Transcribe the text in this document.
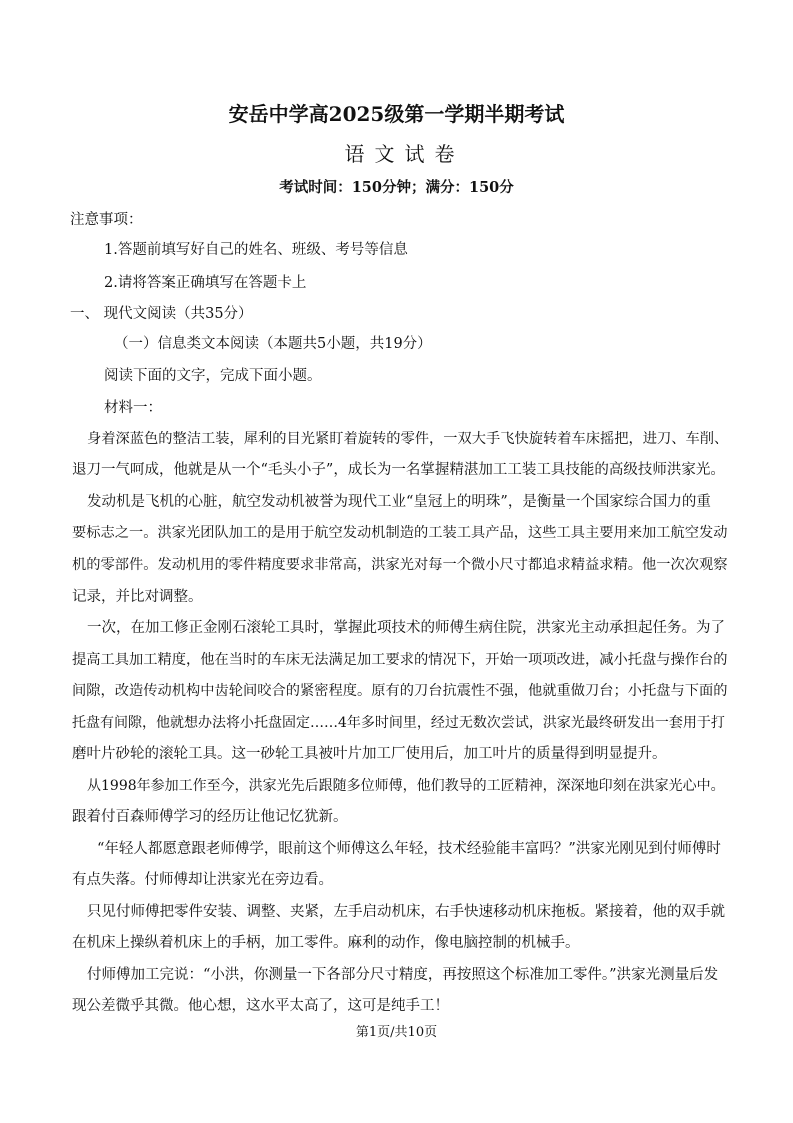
安岳中学高2025级第一学期半期考试
语文试卷
考试时间：150分钟；满分：150分
注意事项：
1.答题前填写好自己的姓名、班级、考号等信息
2.请将答案正确填写在答题卡上
一、 现代文阅读（共35分）
（一）信息类文本阅读（本题共5小题，共19分）
阅读下面的文字，完成下面小题。
材料一：
身着深蓝色的整洁工装，犀利的目光紧盯着旋转的零件，一双大手飞快旋转着车床摇把，进刀、车削、
退刀一气呵成，他就是从一个“毛头小子”，成长为一名掌握精湛加工工装工具技能的高级技师洪家光。
发动机是飞机的心脏，航空发动机被誉为现代工业“皇冠上的明珠”，是衡量一个国家综合国力的重
要标志之一。洪家光团队加工的是用于航空发动机制造的工装工具产品，这些工具主要用来加工航空发动
机的零部件。发动机用的零件精度要求非常高，洪家光对每一个微小尺寸都追求精益求精。他一次次观察
记录，并比对调整。
一次，在加工修正金刚石滚轮工具时，掌握此项技术的师傅生病住院，洪家光主动承担起任务。为了
提高工具加工精度，他在当时的车床无法满足加工要求的情况下，开始一项项改进，减小托盘与操作台的
间隙，改造传动机构中齿轮间咬合的紧密程度。原有的刀台抗震性不强，他就重做刀台；小托盘与下面的
托盘有间隙，他就想办法将小托盘固定……4年多时间里，经过无数次尝试，洪家光最终研发出一套用于打
磨叶片砂轮的滚轮工具。这一砂轮工具被叶片加工厂使用后，加工叶片的质量得到明显提升。
从1998年参加工作至今，洪家光先后跟随多位师傅，他们教导的工匠精神，深深地印刻在洪家光心中。
跟着付百森师傅学习的经历让他记忆犹新。
“年轻人都愿意跟老师傅学，眼前这个师傅这么年轻，技术经验能丰富吗？”洪家光刚见到付师傅时
有点失落。付师傅却让洪家光在旁边看。
只见付师傅把零件安装、调整、夹紧，左手启动机床，右手快速移动机床拖板。紧接着，他的双手就
在机床上操纵着机床上的手柄，加工零件。麻利的动作，像电脑控制的机械手。
付师傅加工完说：“小洪，你测量一下各部分尺寸精度，再按照这个标准加工零件。”洪家光测量后发
现公差微乎其微。他心想，这水平太高了，这可是纯手工！
第1页/共10页
